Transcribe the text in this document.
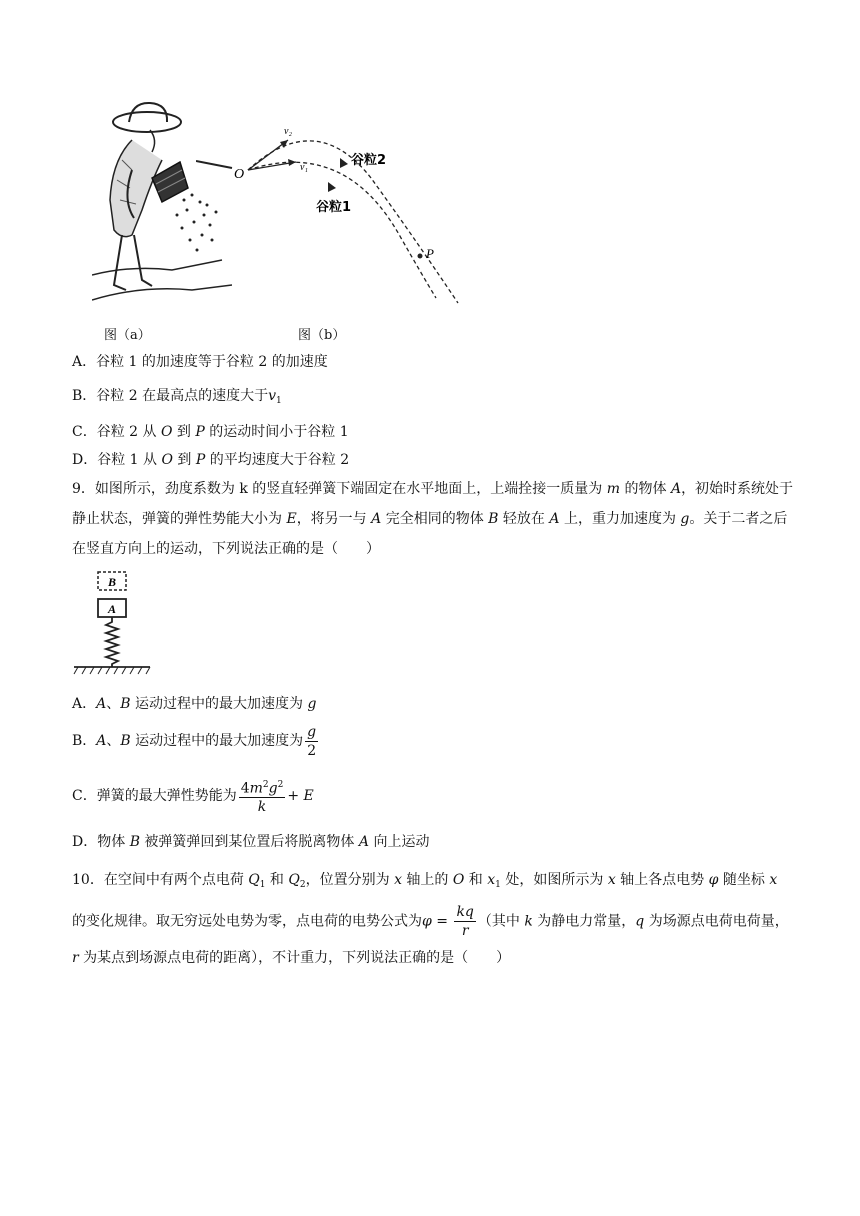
O
v₂
v₁	谷粒2
谷粒1
P
图（a）	图（b）
A．谷粒 1 的加速度等于谷粒 2 的加速度
B．谷粒 2 在最高点的速度大于$v_1$
C．谷粒 2 从 O 到 P 的运动时间小于谷粒 1
D．谷粒 1 从 O 到 P 的平均速度大于谷粒 2
9．如图所示，劲度系数为 k 的竖直轻弹簧下端固定在水平地面上，上端拴接一质量为 m 的物体 A，初始时系统处于静止状态，弹簧的弹性势能大小为 E，将另一与 A 完全相同的物体 B 轻放在 A 上，重力加速度为 g。关于二者之后在竖直方向上的运动，下列说法正确的是（　　）
B
A
A．A、B 运动过程中的最大加速度为 g
B．A、B 运动过程中的最大加速度为 $\frac{g}{2}$
C．弹簧的最大弹性势能为 $\frac{4m^2g^2}{k} + E$
D．物体 B 被弹簧弹回到某位置后将脱离物体 A 向上运动
10．在空间中有两个点电荷 $Q_1$ 和 $Q_2$，位置分别为 x 轴上的 O 和 $x_1$ 处，如图所示为 x 轴上各点电势 φ 随坐标 x
的变化规律。取无穷远处电势为零，点电荷的电势公式为$\varphi = \frac{kq}{r}$ （其中 k 为静电力常量，q 为场源点电荷电荷量，r 为某点到场源点电荷的距离），不计重力，下列说法正确的是（　　）
